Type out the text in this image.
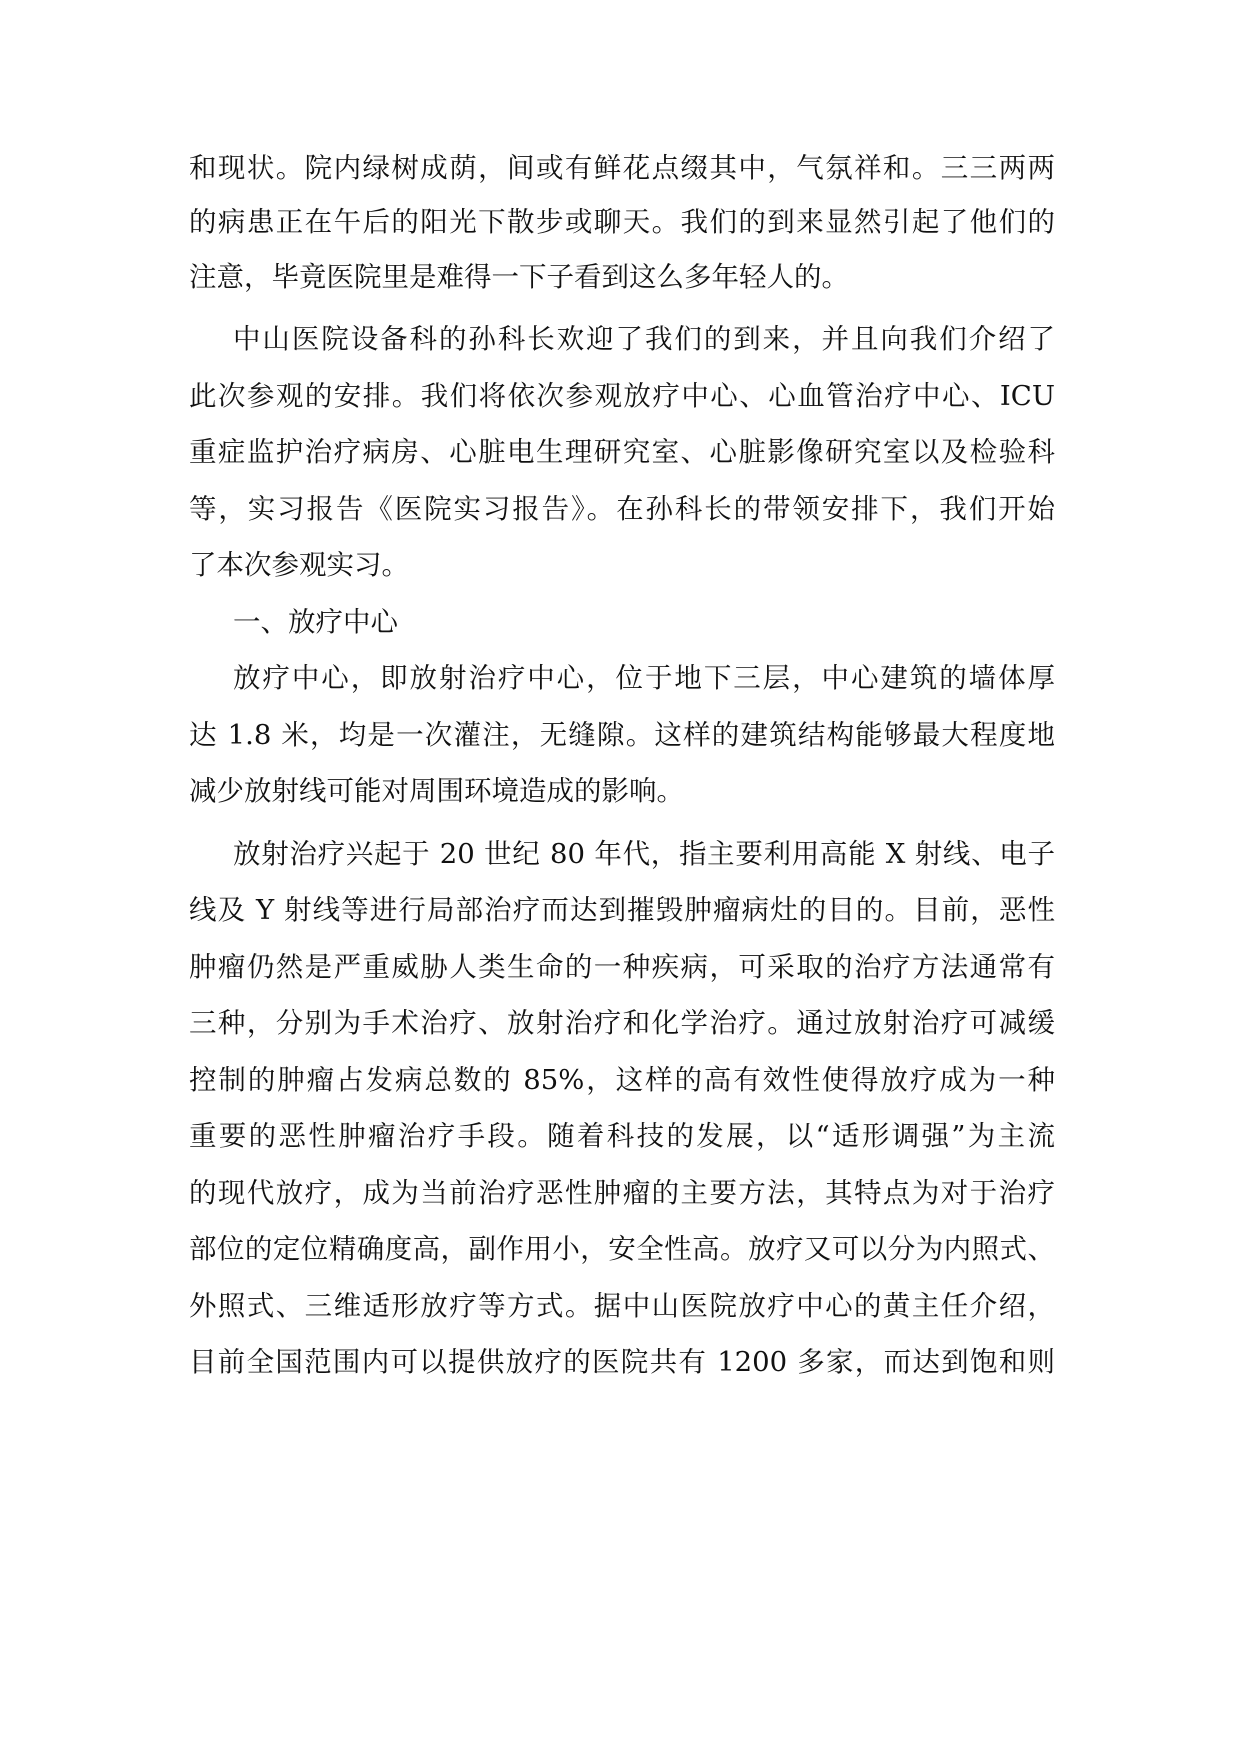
和现状。院内绿树成荫，间或有鲜花点缀其中，气氛祥和。三三两两
的病患正在午后的阳光下散步或聊天。我们的到来显然引起了他们的
注意，毕竟医院里是难得一下子看到这么多年轻人的。
中山医院设备科的孙科长欢迎了我们的到来，并且向我们介绍了
此次参观的安排。我们将依次参观放疗中心、心血管治疗中心、ICU
重症监护治疗病房、心脏电生理研究室、心脏影像研究室以及检验科
等，实习报告《医院实习报告》。在孙科长的带领安排下，我们开始
了本次参观实习。
一、放疗中心
放疗中心，即放射治疗中心，位于地下三层，中心建筑的墙体厚
达 1.8 米，均是一次灌注，无缝隙。这样的建筑结构能够最大程度地
减少放射线可能对周围环境造成的影响。
放射治疗兴起于 20 世纪 80 年代，指主要利用高能 X 射线、电子
线及 Y 射线等进行局部治疗而达到摧毁肿瘤病灶的目的。目前，恶性
肿瘤仍然是严重威胁人类生命的一种疾病，可采取的治疗方法通常有
三种，分别为手术治疗、放射治疗和化学治疗。通过放射治疗可减缓
控制的肿瘤占发病总数的 85%，这样的高有效性使得放疗成为一种
重要的恶性肿瘤治疗手段。随着科技的发展，以“适形调强”为主流
的现代放疗，成为当前治疗恶性肿瘤的主要方法，其特点为对于治疗
部位的定位精确度高，副作用小，安全性高。放疗又可以分为内照式、
外照式、三维适形放疗等方式。据中山医院放疗中心的黄主任介绍，
目前全国范围内可以提供放疗的医院共有 1200 多家，而达到饱和则
